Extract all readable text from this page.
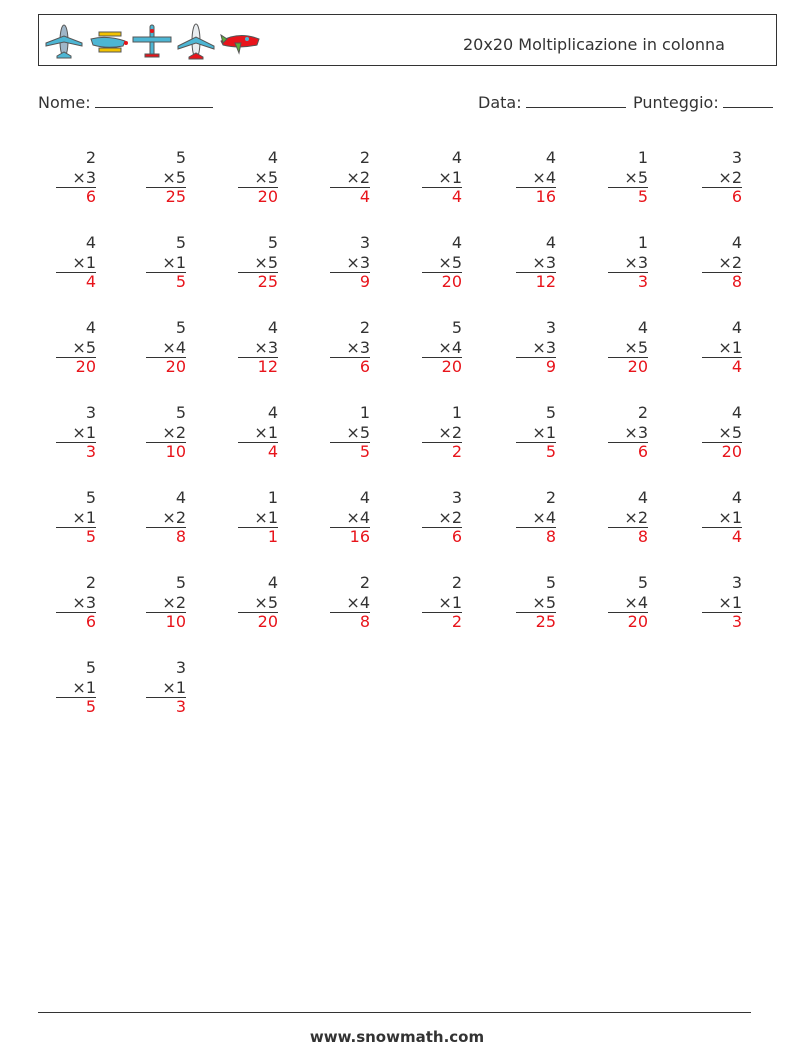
20x20 Moltiplicazione in colonna
Nome:	Data:	Punteggio:
2
×3
6
5
×5
25
4
×5
20
2
×2
4
4
×1
4
4
×4
16
1
×5
5
3
×2
6
4
×1
4
5
×1
5
5
×5
25
3
×3
9
4
×5
20
4
×3
12
1
×3
3
4
×2
8
4
×5
20
5
×4
20
4
×3
12
2
×3
6
5
×4
20
3
×3
9
4
×5
20
4
×1
4
3
×1
3
5
×2
10
4
×1
4
1
×5
5
1
×2
2
5
×1
5
2
×3
6
4
×5
20
5
×1
5
4
×2
8
1
×1
1
4
×4
16
3
×2
6
2
×4
8
4
×2
8
4
×1
4
2
×3
6
5
×2
10
4
×5
20
2
×4
8
2
×1
2
5
×5
25
5
×4
20
3
×1
3
5
×1
5
3
×1
3
www.snowmath.com
